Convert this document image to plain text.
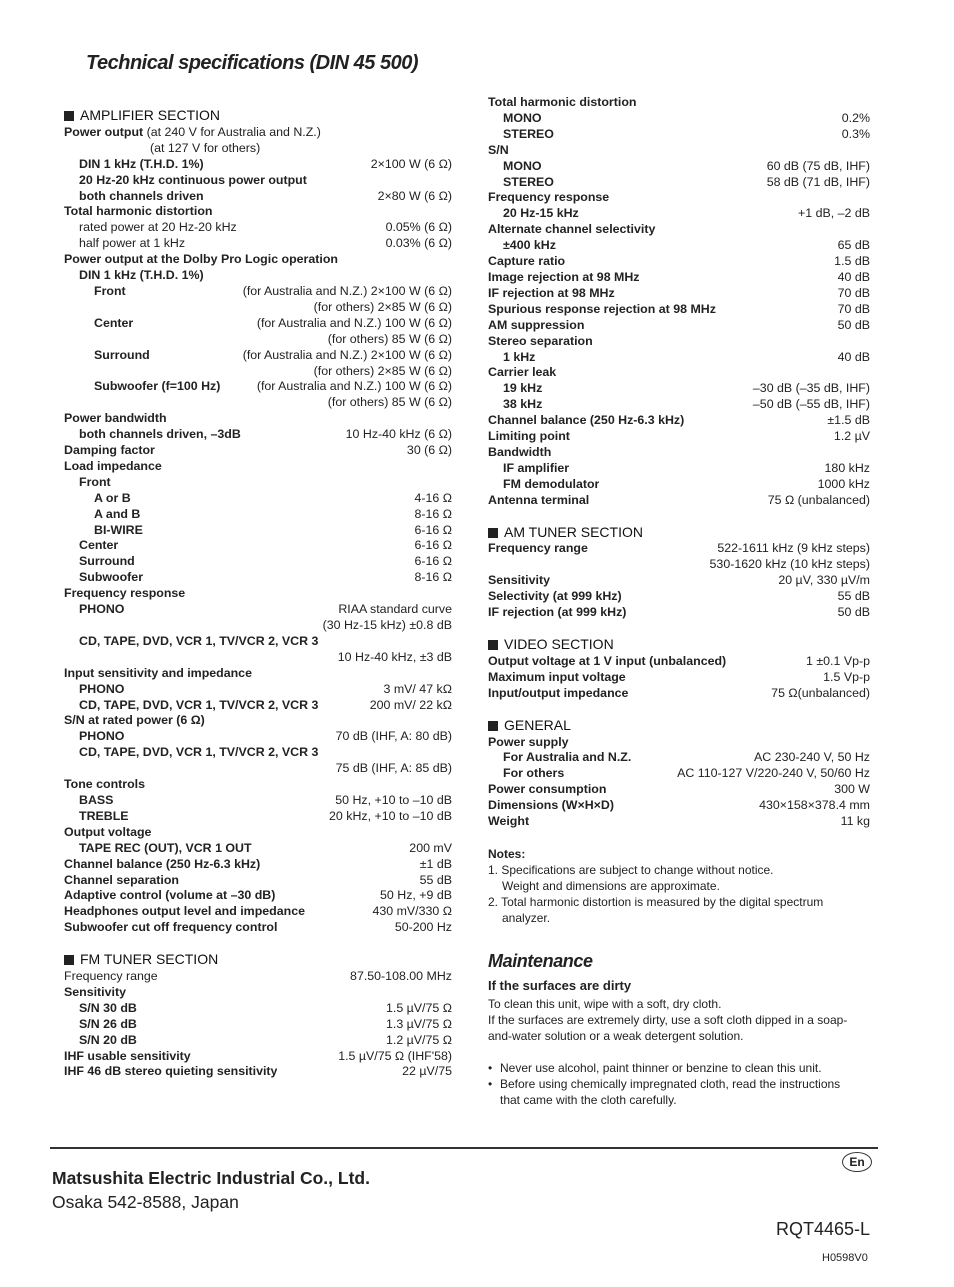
Technical specifications (DIN 45 500)
AMPLIFIER SECTION
Power output (at 240 V for Australia and N.Z.)
(at 127 V for others)
DIN 1 kHz (T.H.D. 1%)	2×100 W (6 Ω)
20 Hz-20 kHz continuous power output
both channels driven	2×80 W (6 Ω)
Total harmonic distortion
rated power at 20 Hz-20 kHz	0.05% (6 Ω)
half power at 1 kHz	0.03% (6 Ω)
Power output at the Dolby Pro Logic operation
DIN 1 kHz (T.H.D. 1%)
Front	(for Australia and N.Z.) 2×100 W (6 Ω)
(for others) 2×85 W (6 Ω)
Center	(for Australia and N.Z.) 100 W (6 Ω)
(for others) 85 W (6 Ω)
Surround	(for Australia and N.Z.) 2×100 W (6 Ω)
(for others) 2×85 W (6 Ω)
Subwoofer (f=100 Hz)	(for Australia and N.Z.) 100 W (6 Ω)
(for others) 85 W (6 Ω)
Power bandwidth
both channels driven, –3dB	10 Hz-40 kHz (6 Ω)
Damping factor	30 (6 Ω)
Load impedance
Front
A or B	4-16 Ω
A and B	8-16 Ω
BI-WIRE	6-16 Ω
Center	6-16 Ω
Surround	6-16 Ω
Subwoofer	8-16 Ω
Frequency response
PHONO	RIAA standard curve
(30 Hz-15 kHz) ±0.8 dB
CD, TAPE, DVD, VCR 1, TV/VCR 2, VCR 3
10 Hz-40 kHz, ±3 dB
Input sensitivity and impedance
PHONO	3 mV/ 47 kΩ
CD, TAPE, DVD, VCR 1, TV/VCR 2, VCR 3	200 mV/ 22 kΩ
S/N at rated power (6 Ω)
PHONO	70 dB (IHF, A: 80 dB)
CD, TAPE, DVD, VCR 1, TV/VCR 2, VCR 3
75 dB (IHF, A: 85 dB)
Tone controls
BASS	50 Hz, +10 to –10 dB
TREBLE	20 kHz, +10 to –10 dB
Output voltage
TAPE REC (OUT), VCR 1 OUT	200 mV
Channel balance (250 Hz-6.3 kHz)	±1 dB
Channel separation	55 dB
Adaptive control (volume at –30 dB)	50 Hz, +9 dB
Headphones output level and impedance	430 mV/330 Ω
Subwoofer cut off frequency control	50-200 Hz
FM TUNER SECTION
Frequency range	87.50-108.00 MHz
Sensitivity
S/N 30 dB	1.5 µV/75 Ω
S/N 26 dB	1.3 µV/75 Ω
S/N 20 dB	1.2 µV/75 Ω
IHF usable sensitivity	1.5 µV/75 Ω (IHF'58)
IHF 46 dB stereo quieting sensitivity	22 µV/75
Total harmonic distortion
MONO	0.2%
STEREO	0.3%
S/N
MONO	60 dB (75 dB, IHF)
STEREO	58 dB (71 dB, IHF)
Frequency response
20 Hz-15 kHz	+1 dB, –2 dB
Alternate channel selectivity
±400 kHz	65 dB
Capture ratio	1.5 dB
Image rejection at 98 MHz	40 dB
IF rejection at 98 MHz	70 dB
Spurious response rejection at 98 MHz	70 dB
AM suppression	50 dB
Stereo separation
1 kHz	40 dB
Carrier leak
19 kHz	–30 dB (–35 dB, IHF)
38 kHz	–50 dB (–55 dB, IHF)
Channel balance (250 Hz-6.3 kHz)	±1.5 dB
Limiting point	1.2 µV
Bandwidth
IF amplifier	180 kHz
FM demodulator	1000 kHz
Antenna terminal	75 Ω (unbalanced)
AM TUNER SECTION
Frequency range	522-1611 kHz (9 kHz steps)
530-1620 kHz (10 kHz steps)
Sensitivity	20 µV, 330 µV/m
Selectivity (at 999 kHz)	55 dB
IF rejection (at 999 kHz)	50 dB
VIDEO SECTION
Output voltage at 1 V input (unbalanced)	1 ±0.1 Vp-p
Maximum input voltage	1.5 Vp-p
Input/output impedance	75 Ω(unbalanced)
GENERAL
Power supply
For Australia and N.Z.	AC 230-240 V, 50 Hz
For others	AC 110-127 V/220-240 V, 50/60 Hz
Power consumption	300 W
Dimensions (W×H×D)	430×158×378.4 mm
Weight	11 kg
Notes:
1. Specifications are subject to change without notice.
Weight and dimensions are approximate.
2. Total harmonic distortion is measured by the digital spectrum
analyzer.
Maintenance
If the surfaces are dirty
To clean this unit, wipe with a soft, dry cloth.
If the surfaces are extremely dirty, use a soft cloth dipped in a soap-
and-water solution or a weak detergent solution.
• Never use alcohol, paint thinner or benzine to clean this unit.
• Before using chemically impregnated cloth, read the instructions
that came with the cloth carefully.
En
Matsushita Electric Industrial Co., Ltd.
Osaka 542-8588, Japan
RQT4465-L
H0598V0
